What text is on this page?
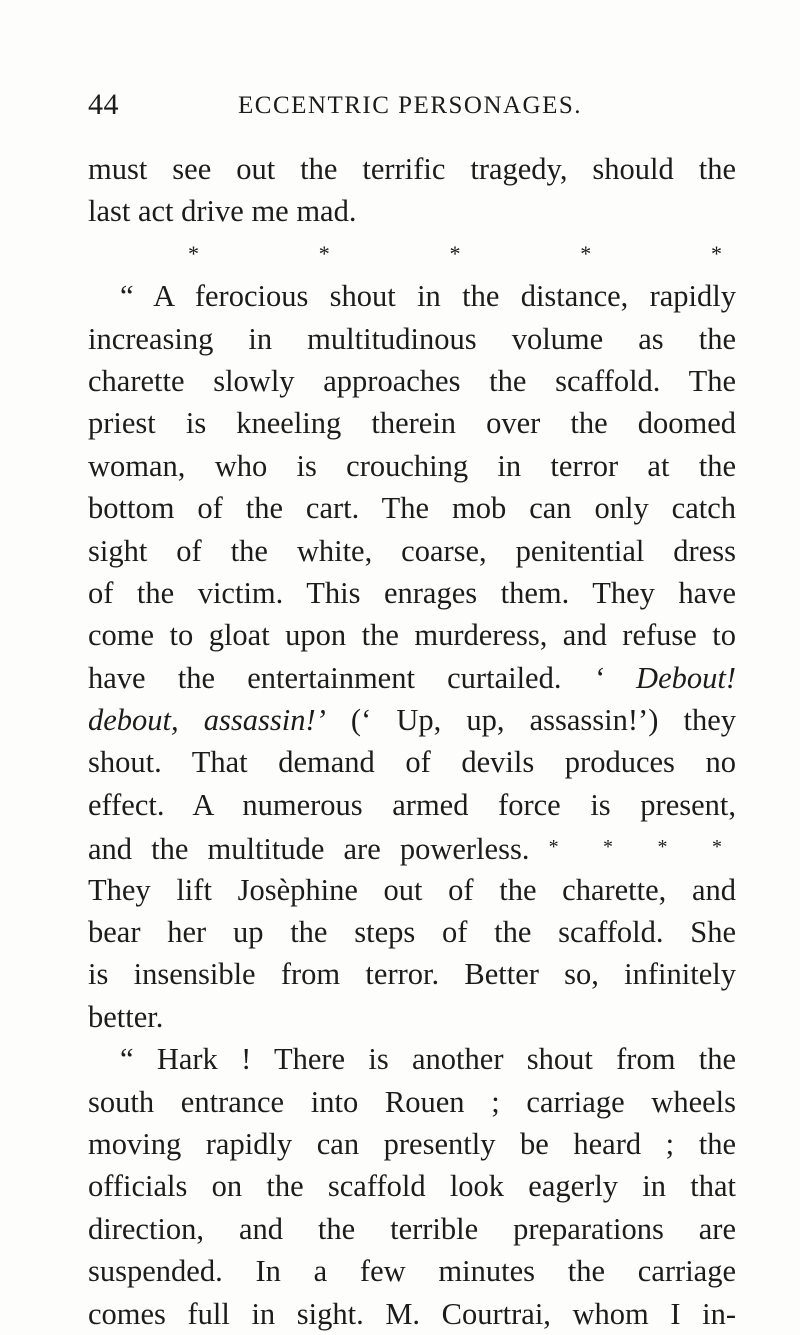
44	ECCENTRIC PERSONAGES.
must see out the terrific tragedy, should the
last act drive me mad.
*	*	*	*	*
“ A ferocious shout in the distance, rapidly
increasing in multitudinous volume as the
charette slowly approaches the scaffold. The
priest is kneeling therein over the doomed
woman, who is crouching in terror at the
bottom of the cart. The mob can only catch
sight of the white, coarse, penitential dress
of the victim. This enrages them. They have
come to gloat upon the murderess, and refuse to
have the entertainment curtailed. ‘ Debout!
debout, assassin!’ (‘ Up, up, assassin!’) they
shout. That demand of devils produces no
effect. A numerous armed force is present,
and the multitude are powerless. * * * *
They lift Josèphine out of the charette, and
bear her up the steps of the scaffold. She
is insensible from terror. Better so, infinitely
better.
“ Hark ! There is another shout from the
south entrance into Rouen ; carriage wheels
moving rapidly can presently be heard ; the
officials on the scaffold look eagerly in that
direction, and the terrible preparations are
suspended. In a few minutes the carriage
comes full in sight. M. Courtrai, whom I in-
